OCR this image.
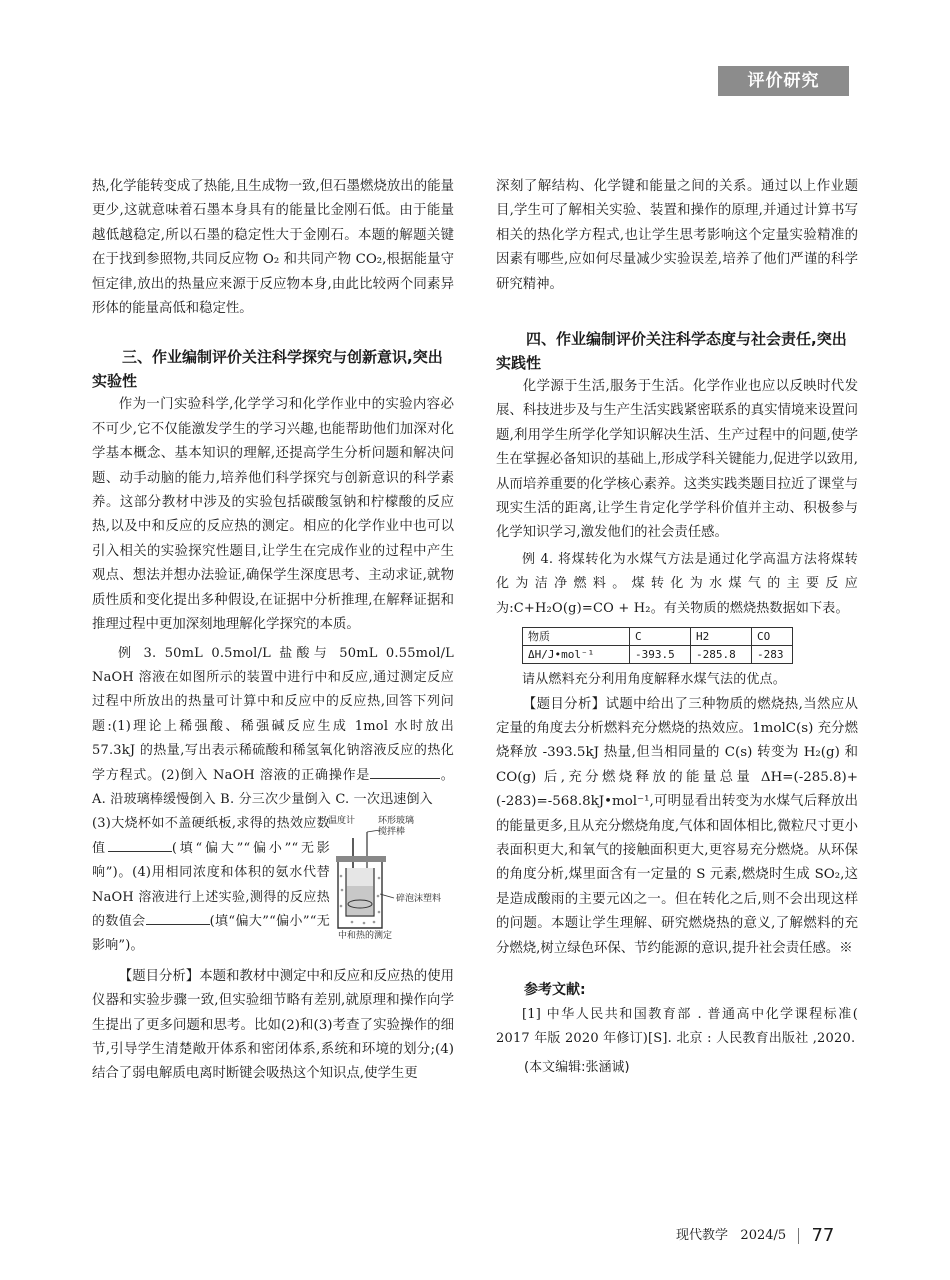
评价研究

热,化学能转变成了热能,且生成物一致,但石墨燃烧放出的能量更少,这就意味着石墨本身具有的能量比金刚石低。由于能量越低越稳定,所以石墨的稳定性大于金刚石。本题的解题关键在于找到参照物,共同反应物 O₂ 和共同产物 CO₂,根据能量守恒定律,放出的热量应来源于反应物本身,由此比较两个同素异形体的能量高低和稳定性。

三、作业编制评价关注科学探究与创新意识,突出实验性

作为一门实验科学,化学学习和化学作业中的实验内容必不可少,它不仅能激发学生的学习兴趣,也能帮助他们加深对化学基本概念、基本知识的理解,还提高学生分析问题和解决问题、动手动脑的能力,培养他们科学探究与创新意识的科学素养。这部分教材中涉及的实验包括碳酸氢钠和柠檬酸的反应热,以及中和反应的反应热的测定。相应的化学作业中也可以引入相关的实验探究性题目,让学生在完成作业的过程中产生观点、想法并想办法验证,确保学生深度思考、主动求证,就物质性质和变化提出多种假设,在证据中分析推理,在解释证据和推理过程中更加深刻地理解化学探究的本质。

例 3. 50mL 0.5mol/L 盐酸与 50mL 0.55mol/L NaOH 溶液在如图所示的装置中进行中和反应,通过测定反应过程中所放出的热量可计算中和反应中的反应热,回答下列问题:(1)理论上稀强酸、稀强碱反应生成 1mol 水时放出 57.3kJ 的热量,写出表示稀硫酸和稀氢氧化钠溶液反应的热化学方程式。(2)倒入 NaOH 溶液的正确操作是	。A. 沿玻璃棒缓慢倒入 B. 分三次少量倒入 C. 一次迅速倒入

温度计	环形玻璃搅拌棒
碎泡沫塑料
中和热的测定

(3)大烧杯如不盖硬纸板,求得的热效应数值	(填“偏大”“偏小”“无影响”)。(4)用相同浓度和体积的氨水代替 NaOH 溶液进行上述实验,测得的反应热的数值会	(填“偏大”“偏小”“无影响”)。

【题目分析】本题和教材中测定中和反应和反应热的使用仪器和实验步骤一致,但实验细节略有差别,就原理和操作向学生提出了更多问题和思考。比如(2)和(3)考查了实验操作的细节,引导学生清楚敞开体系和密闭体系,系统和环境的划分;(4)结合了弱电解质电离时断键会吸热这个知识点,使学生更

深刻了解结构、化学键和能量之间的关系。通过以上作业题目,学生可了解相关实验、装置和操作的原理,并通过计算书写相关的热化学方程式,也让学生思考影响这个定量实验精准的因素有哪些,应如何尽量减少实验误差,培养了他们严谨的科学研究精神。

四、作业编制评价关注科学态度与社会责任,突出实践性

化学源于生活,服务于生活。化学作业也应以反映时代发展、科技进步及与生产生活实践紧密联系的真实情境来设置问题,利用学生所学化学知识解决生活、生产过程中的问题,使学生在掌握必备知识的基础上,形成学科关键能力,促进学以致用,从而培养重要的化学核心素养。这类实践类题目拉近了课堂与现实生活的距离,让学生肯定化学学科价值并主动、积极参与化学知识学习,激发他们的社会责任感。

例 4. 将煤转化为水煤气方法是通过化学高温方法将煤转化为洁净燃料。煤转化为水煤气的主要反应为:C+H₂O(g)=CO + H₂。有关物质的燃烧热数据如下表。

物质	C	H2	CO
ΔH/J•mol⁻¹	-393.5	-285.8	-283

请从燃料充分利用角度解释水煤气法的优点。

【题目分析】试题中给出了三种物质的燃烧热,当然应从定量的角度去分析燃料充分燃烧的热效应。1molC(s) 充分燃烧释放 -393.5kJ 热量,但当相同量的 C(s) 转变为 H₂(g) 和 CO(g) 后,充分燃烧释放的能量总量 ΔH=(-285.8)+(-283)=-568.8kJ•mol⁻¹,可明显看出转变为水煤气后释放出的能量更多,且从充分燃烧角度,气体和固体相比,微粒尺寸更小表面积更大,和氧气的接触面积更大,更容易充分燃烧。从环保的角度分析,煤里面含有一定量的 S 元素,燃烧时生成 SO₂,这是造成酸雨的主要元凶之一。但在转化之后,则不会出现这样的问题。本题让学生理解、研究燃烧热的意义,了解燃料的充分燃烧,树立绿色环保、节约能源的意识,提升社会责任感。※

参考文献:

[1] 中华人民共和国教育部 . 普通高中化学课程标准( 2017 年版 2020 年修订)[S]. 北京 : 人民教育出版社 ,2020.

(本文编辑:张涵诚)
现代教学 2024/5 77
